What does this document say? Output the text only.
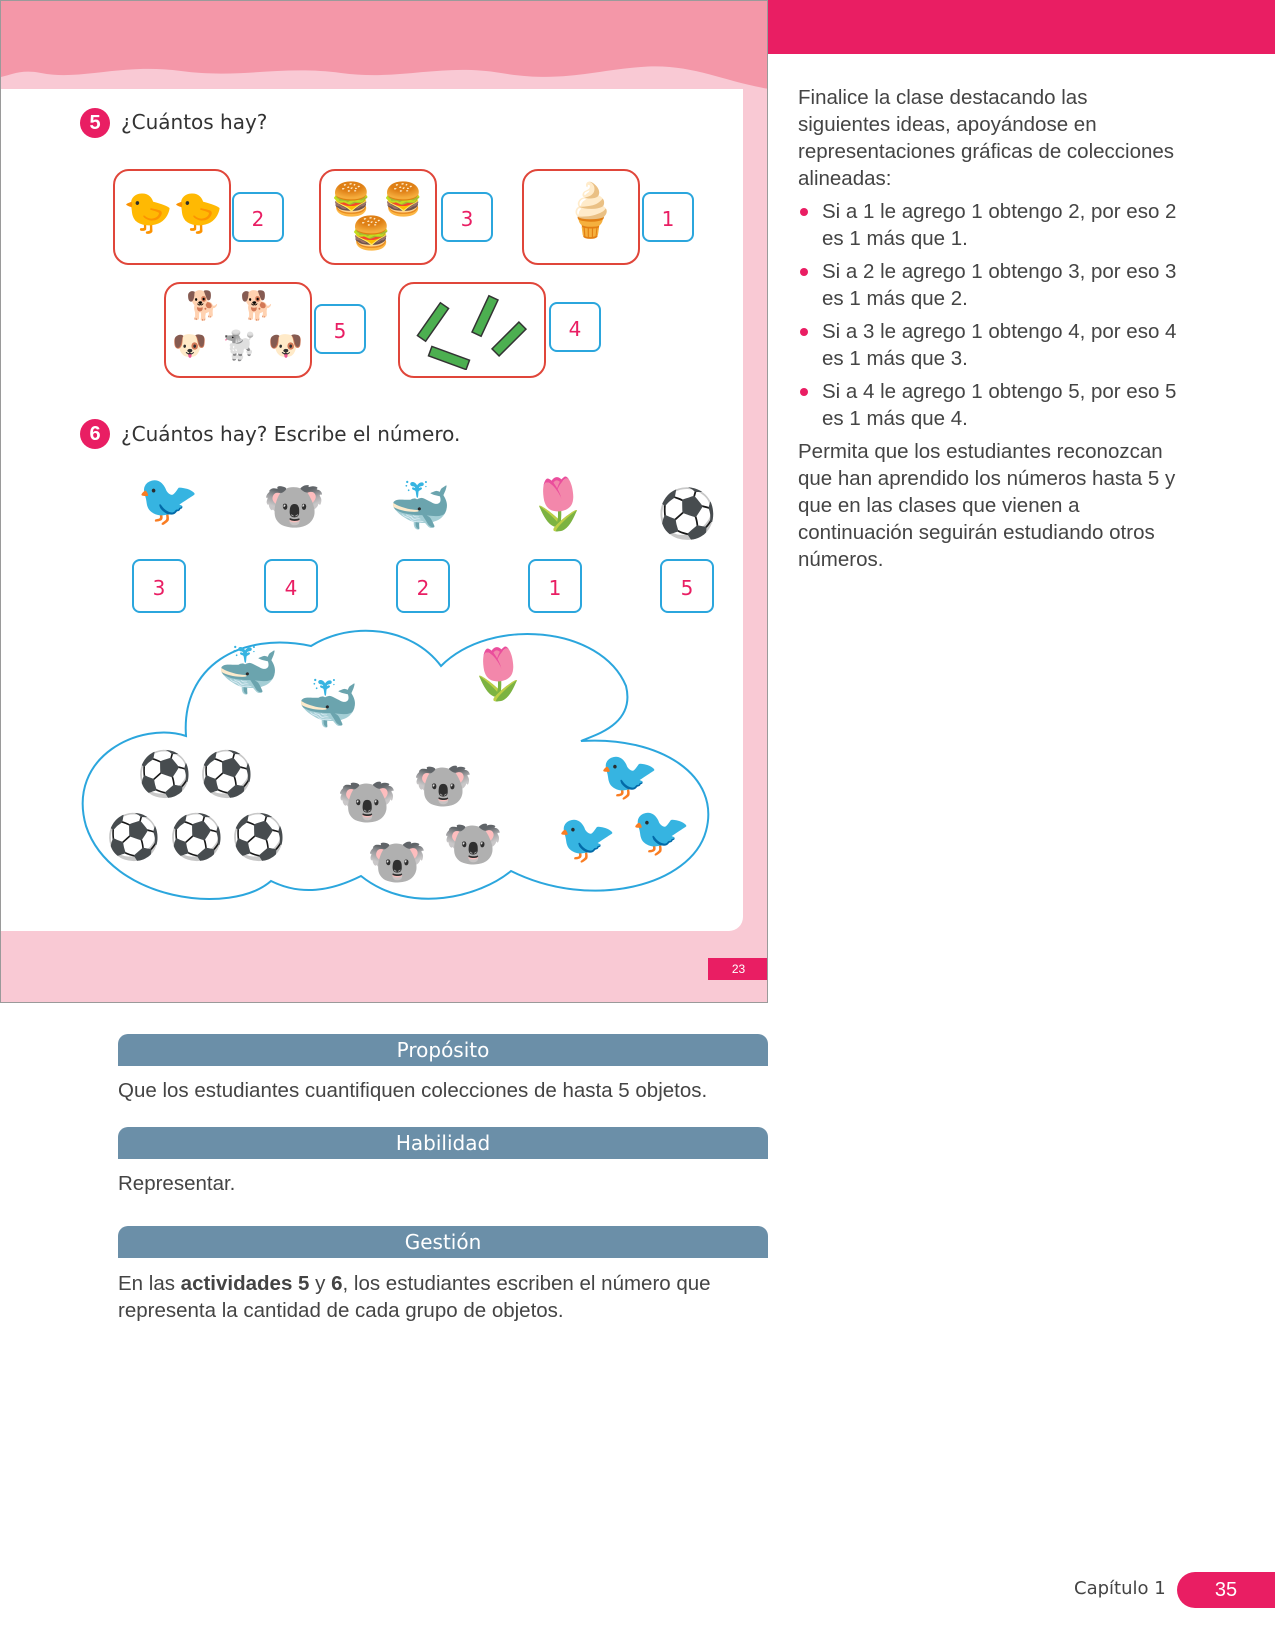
5	¿Cuántos hay?
🐤 🐤	2
🍔 🍔
🍔	3	🍦	1
🐕 🐕
🐶 🐩 🐶	5	4
6	¿Cuántos hay? Escribe el número.
🐦 🐨 🐳 🌷 ⚽
3	4	2	1	5
🐳
🐳
🌷
⚽ ⚽
⚽ ⚽ ⚽
🐨 🐨
🐨 🐨
🐦
🐦 🐦
23

Finalice la clase destacando las siguientes ideas, apoyándose en representaciones gráficas de colecciones alineadas:

Si a 1 le agrego 1 obtengo 2, por eso 2 es 1 más que 1.
Si a 2 le agrego 1 obtengo 3, por eso 3 es 1 más que 2.
Si a 3 le agrego 1 obtengo 4, por eso 4 es 1 más que 3.
Si a 4 le agrego 1 obtengo 5, por eso 5 es 1 más que 4.

Permita que los estudiantes reconozcan que han aprendido los números hasta 5 y que en las clases que vienen a continuación seguirán estudiando otros números.

Propósito
Que los estudiantes cuantifiquen colecciones de hasta 5 objetos.
Habilidad
Representar.
Gestión
En las actividades 5 y 6, los estudiantes escriben el número que representa la cantidad de cada grupo de objetos.
Capítulo 1	35
